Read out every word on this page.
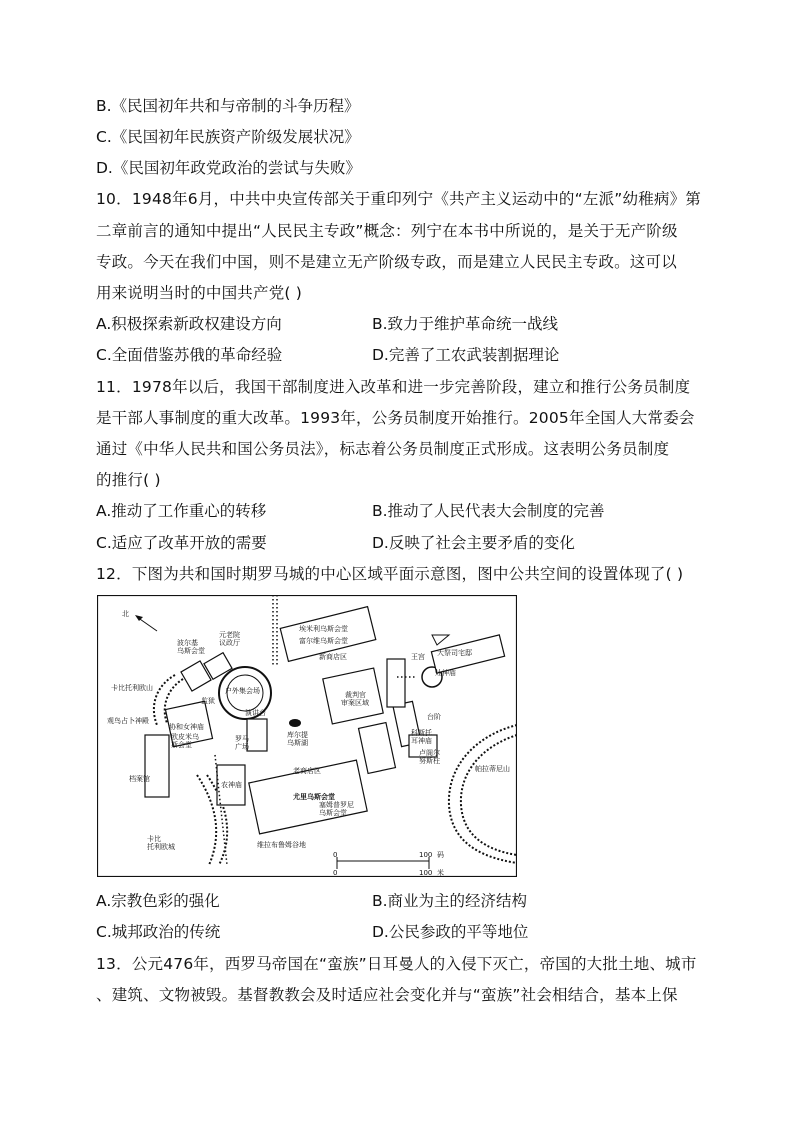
B.《民国初年共和与帝制的斗争历程》
C.《民国初年民族资产阶级发展状况》
D.《民国初年政党政治的尝试与失败》
10．1948年6月，中共中央宣传部关于重印列宁《共产主义运动中的“左派”幼稚病》第
二章前言的通知中提出“人民民主专政”概念：列宁在本书中所说的，是关于无产阶级
专政。今天在我们中国，则不是建立无产阶级专政，而是建立人民民主专政。这可以
用来说明当时的中国共产党( )
A.积极探索新政权建设方向	B.致力于维护革命统一战线
C.全面借鉴苏俄的革命经验	D.完善了工农武装割据理论
11．1978年以后，我国干部制度进入改革和进一步完善阶段，建立和推行公务员制度
是干部人事制度的重大改革。1993年，公务员制度开始推行。2005年全国人大常委会
通过《中华人民共和国公务员法》，标志着公务员制度正式形成。这表明公务员制度
的推行( )
A.推动了工作重心的转移	B.推动了人民代表大会制度的完善
C.适应了改革开放的需要	D.反映了社会主要矛盾的变化
12．下图为共和国时期罗马城的中心区域平面示意图，图中公共空间的设置体现了( )
北
元老院议政厅
波尔基
乌斯会堂
户外集会场
演讲台
监狱
卡比托利欧山
观鸟占卜神殿
协和女神庙
欧皮米乌
斯会堂
档案馆
卡比
托利欧城
农神庙
罗马
广场
库尔提
乌斯湖
老商店区
尤里乌斯会堂
塞姆普罗尼
乌斯会堂
埃米利乌斯会堂
富尔维乌斯会堂
新商店区
裁判官
审案区域
灶神庙
王宫 大祭司宅邸
台阶
科斯托
耳神庙
卢阁尔
努斯柱
帕拉蒂尼山
维拉布鲁姆谷地
0	100 码
0	100 米
A.宗教色彩的强化	B.商业为主的经济结构
C.城邦政治的传统	D.公民参政的平等地位
13．公元476年，西罗马帝国在“蛮族”日耳曼人的入侵下灭亡，帝国的大批土地、城市
、建筑、文物被毁。基督教教会及时适应社会变化并与“蛮族”社会相结合，基本上保
